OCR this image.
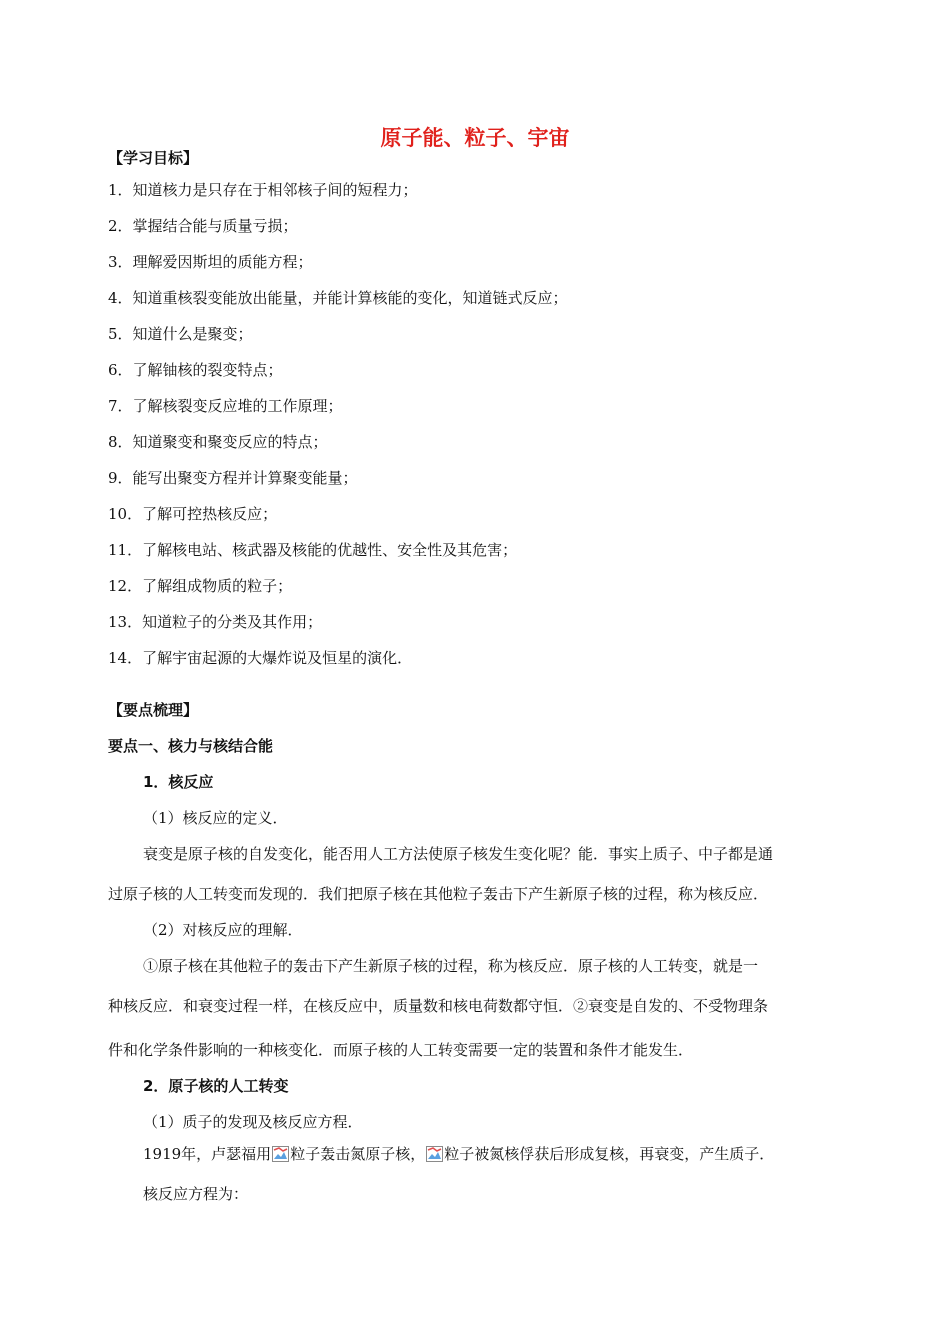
原子能、粒子、宇宙
【学习目标】
1．知道核力是只存在于相邻核子间的短程力；
2．掌握结合能与质量亏损；
3．理解爱因斯坦的质能方程；
4．知道重核裂变能放出能量，并能计算核能的变化，知道链式反应；
5．知道什么是聚变；
6．了解铀核的裂变特点；
7．了解核裂变反应堆的工作原理；
8．知道聚变和聚变反应的特点；
9．能写出聚变方程并计算聚变能量；
10．了解可控热核反应；
11．了解核电站、核武器及核能的优越性、安全性及其危害；
12．了解组成物质的粒子；
13．知道粒子的分类及其作用；
14．了解宇宙起源的大爆炸说及恒星的演化．
【要点梳理】
要点一、核力与核结合能
1．核反应
（1）核反应的定义．
衰变是原子核的自发变化，能否用人工方法使原子核发生变化呢？能．事实上质子、中子都是通
过原子核的人工转变而发现的．我们把原子核在其他粒子轰击下产生新原子核的过程，称为核反应．
（2）对核反应的理解．
①原子核在其他粒子的轰击下产生新原子核的过程，称为核反应．原子核的人工转变，就是一
种核反应．和衰变过程一样，在核反应中，质量数和核电荷数都守恒．②衰变是自发的、不受物理条
件和化学条件影响的一种核变化．而原子核的人工转变需要一定的装置和条件才能发生．
2．原子核的人工转变
（1）质子的发现及核反应方程．
1919年，卢瑟福用 粒子轰击氮原子核， 粒子被氮核俘获后形成复核，再衰变，产生质子．
核反应方程为：
